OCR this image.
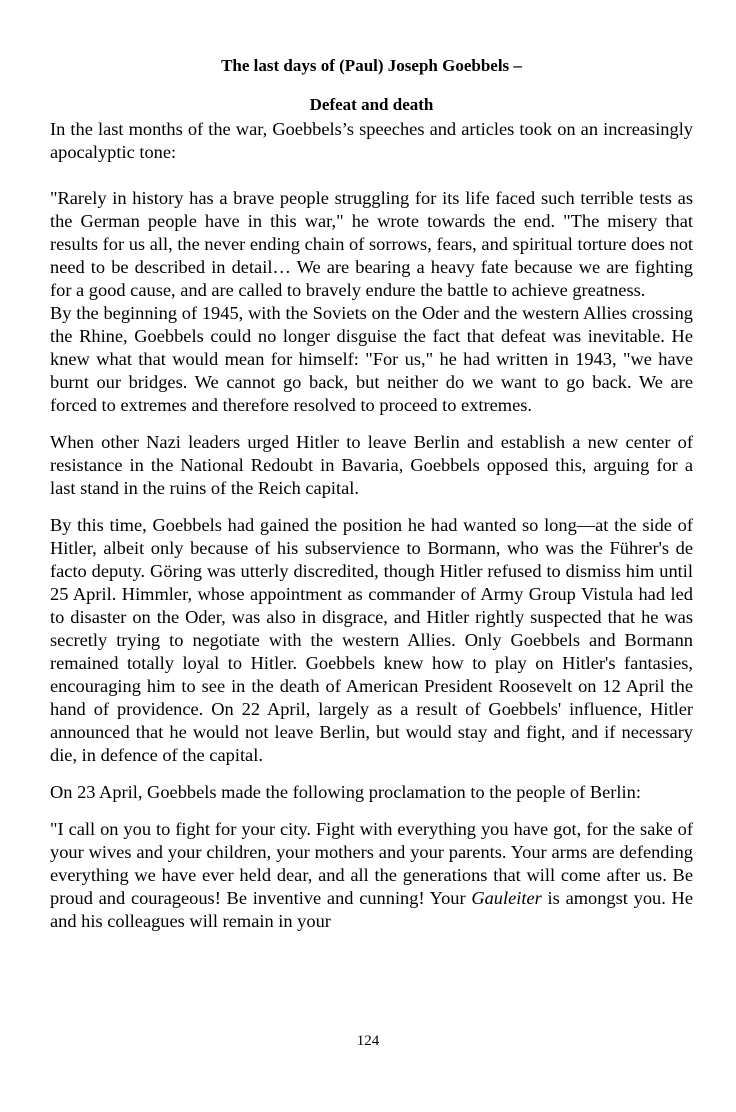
The last days of (Paul) Joseph Goebbels –
Defeat and death

In the last months of the war, Goebbels’s speeches and articles took on an increasingly apocalyptic tone:

"Rarely in history has a brave people struggling for its life faced such terrible tests as the German people have in this war," he wrote towards the end. "The misery that results for us all, the never ending chain of sorrows, fears, and spiritual torture does not need to be described in detail… We are bearing a heavy fate because we are fighting for a good cause, and are called to bravely endure the battle to achieve greatness.

By the beginning of 1945, with the Soviets on the Oder and the western Allies crossing the Rhine, Goebbels could no longer disguise the fact that defeat was inevitable. He knew what that would mean for himself: "For us," he had written in 1943, "we have burnt our bridges. We cannot go back, but neither do we want to go back. We are forced to extremes and therefore resolved to proceed to extremes.

When other Nazi leaders urged Hitler to leave Berlin and establish a new center of resistance in the National Redoubt in Bavaria, Goebbels opposed this, arguing for a last stand in the ruins of the Reich capital.

By this time, Goebbels had gained the position he had wanted so long—at the side of Hitler, albeit only because of his subservience to Bormann, who was the Führer's de facto deputy. Göring was utterly discredited, though Hitler refused to dismiss him until 25 April. Himmler, whose appointment as commander of Army Group Vistula had led to disaster on the Oder, was also in disgrace, and Hitler rightly suspected that he was secretly trying to negotiate with the western Allies. Only Goebbels and Bormann remained totally loyal to Hitler. Goebbels knew how to play on Hitler's fantasies, encouraging him to see in the death of American President Roosevelt on 12 April the hand of providence. On 22 April, largely as a result of Goebbels' influence, Hitler announced that he would not leave Berlin, but would stay and fight, and if necessary die, in defence of the capital.

On 23 April, Goebbels made the following proclamation to the people of Berlin:

"I call on you to fight for your city. Fight with everything you have got, for the sake of your wives and your children, your mothers and your parents. Your arms are defending everything we have ever held dear, and all the generations that will come after us. Be proud and courageous! Be inventive and cunning! Your Gauleiter is amongst you. He and his colleagues will remain in your

124
